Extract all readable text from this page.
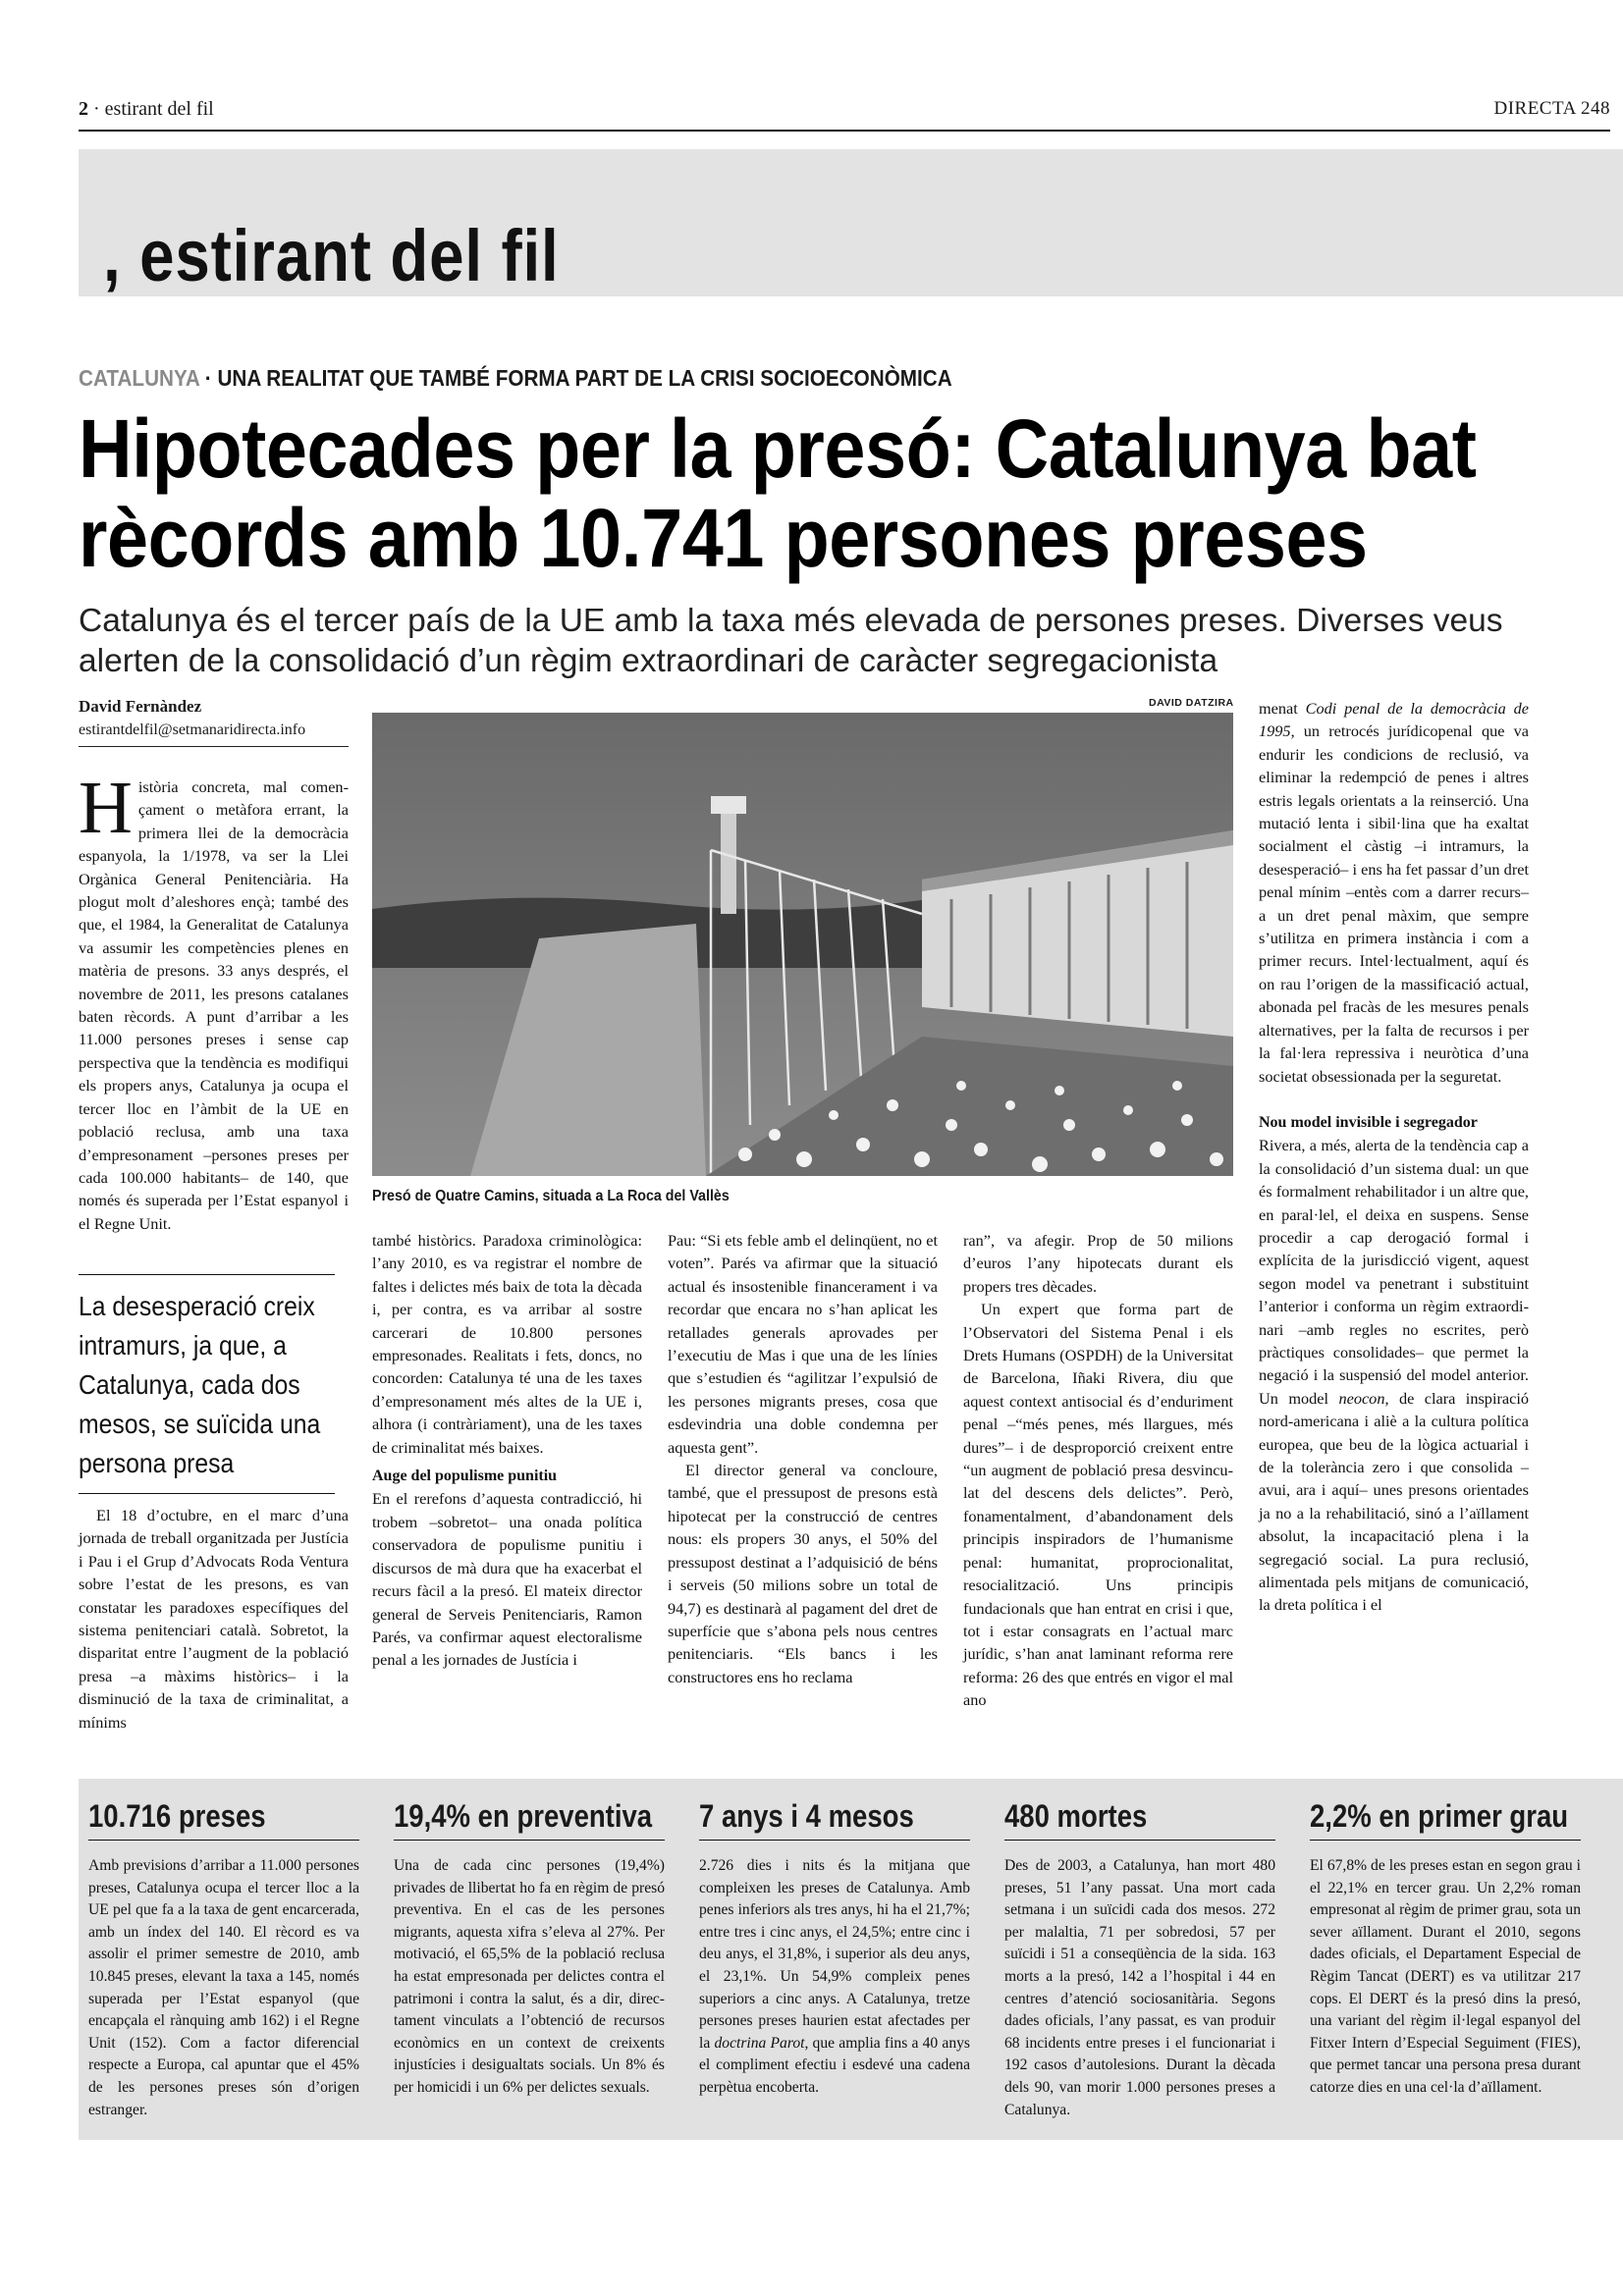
2 · estirant del fil	DIRECTA 248
, estirant del fil
CATALUNYA · UNA REALITAT QUE TAMBÉ FORMA PART DE LA CRISI SOCIOECONÒMICA
Hipotecades per la presó: Catalunya bat
rècords amb 10.741 persones preses
Catalunya és el tercer país de la UE amb la taxa més elevada de persones preses. Diverses veus alerten de la consolidació d’un règim extraordinari de caràcter segregacionista
David Fernàndez
estirantdelfil@setmanaridirecta.info
Història concreta, mal començament o metàfora errant, la primera llei de la democràcia espanyola, la 1/1978, va ser la Llei Orgànica General Penitenciària. Ha plogut molt d’aleshores ençà; també des que, el 1984, la Generalitat de Catalunya va assumir les competències plenes en matèria de presons. 33 anys després, el novembre de 2011, les presons catalanes baten rècords. A punt d’arribar a les 11.000 persones preses i sense cap perspectiva que la tendència es modifiqui els propers anys, Catalunya ja ocupa el tercer lloc en l’àmbit de la UE en població reclusa, amb una taxa d’empresonament –persones preses per cada 100.000 habitants– de 140, que només és superada per l’Estat espanyol i el Regne Unit.

La desesperació creix intramurs, ja que, a Catalunya, cada dos mesos, se suïcida una persona presa

El 18 d’octubre, en el marc d’una jornada de treball organitzada per Justícia i Pau i el Grup d’Advocats Roda Ventura sobre l’estat de les presons, es van constatar les paradoxes específiques del sistema penitenciari català. Sobretot, la disparitat entre l’augment de la població presa –a màxims històrics– i la disminució de la taxa de criminalitat, a mínims

DAVID DATZIRA
Presó de Quatre Camins, situada a La Roca del Vallès

també històrics. Paradoxa criminològica: l’any 2010, es va registrar el nombre de faltes i delictes més baix de tota la dècada i, per contra, es va arribar al sostre carcerari de 10.800 persones empresonades. Realitats i fets, doncs, no concorden: Catalunya té una de les taxes d’empresonament més altes de la UE i, alhora (i contràriament), una de les taxes de criminalitat més baixes.

Auge del populisme punitiu

En el rerefons d’aquesta contradicció, hi trobem –sobretot– una onada política conservadora de populisme punitiu i discursos de mà dura que ha exacerbat el recurs fàcil a la presó. El mateix director general de Serveis Penitenciaris, Ramon Parés, va confirmar aquest electoralisme penal a les jornades de Justícia i

Pau: “Si ets feble amb el delinqüent, no et voten”. Parés va afirmar que la situació actual és insostenible financerament i va recordar que encara no s’han aplicat les retallades generals aprovades per l’executiu de Mas i que una de les línies que s’estudien és “agilitzar l’expulsió de les persones migrants preses, cosa que esdevindria una doble condemna per aquesta gent”.

El director general va concloure, també, que el pressupost de presons està hipotecat per la construcció de centres nous: els propers 30 anys, el 50% del pressupost destinat a l’adquisició de béns i serveis (50 milions sobre un total de 94,7) es destinarà al pagament del dret de superfície que s’abona pels nous centres penitenciaris. “Els bancs i les constructores ens ho reclama

ran”, va afegir. Prop de 50 milions d’euros l’any hipotecats durant els propers tres dècades.

Un expert que forma part de l’Observatori del Sistema Penal i els Drets Humans (OSPDH) de la Universitat de Barcelona, Iñaki Rivera, diu que aquest context antisocial és d’enduriment penal –“més penes, més llargues, més dures”– i de desproporció creixent entre “un augment de població presa desvinculat del descens dels delictes”. Però, fonamentalment, d’abandonament dels principis inspiradors de l’humanisme penal: humanitat, proprocionalitat, resocialització. Uns principis fundacionals que han entrat en crisi i que, tot i estar consagrats en l’actual marc jurídic, s’han anat laminant reforma rere reforma: 26 des que entrés en vigor el mal ano

menat Codi penal de la democràcia de 1995, un retrocés jurídicopenal que va endurir les condicions de reclusió, va eliminar la redempció de penes i altres estris legals orientats a la reinserció. Una mutació lenta i sibil·lina que ha exaltat socialment el càstig –i intramurs, la desesperació– i ens ha fet passar d’un dret penal mínim –entès com a darrer recurs– a un dret penal màxim, que sempre s’utilitza en primera instància i com a primer recurs. Intel·lectualment, aquí és on rau l’origen de la massificació actual, abonada pel fracàs de les mesures penals alternatives, per la falta de recursos i per la fal·lera repressiva i neuròtica d’una societat obsessionada per la seguretat.

Nou model invisible i segregador

Rivera, a més, alerta de la tendència cap a la consolidació d’un sistema dual: un que és formalment rehabilitador i un altre que, en paral·lel, el deixa en suspens. Sense procedir a cap derogació formal i explícita de la jurisdicció vigent, aquest segon model va penetrant i substituint l’anterior i conforma un règim extraordinari –amb regles no escrites, però pràctiques consolidades– que permet la negació i la suspensió del model anterior. Un model neocon, de clara inspiració nord-americana i aliè a la cultura política europea, que beu de la lògica actuarial i de la tolerància zero i que consolida –avui, ara i aquí– unes presons orientades ja no a la rehabilitació, sinó a l’aïllament absolut, la incapacitació plena i la segregació social. La pura reclusió, alimentada pels mitjans de comunicació, la dreta política i el

10.716 preses

Amb previsions d’arribar a 11.000 persones preses, Catalunya ocupa el tercer lloc a la UE pel que fa a la taxa de gent encarcerada, amb un índex del 140. El rècord es va assolir el primer semestre de 2010, amb 10.845 preses, elevant la taxa a 145, només superada per l’Estat espanyol (que encapçala el rànquing amb 162) i el Regne Unit (152). Com a factor diferencial respecte a Europa, cal apuntar que el 45% de les persones preses són d’origen estranger.

19,4% en preventiva

Una de cada cinc persones (19,4%) privades de llibertat ho fa en règim de presó preventiva. En el cas de les persones migrants, aquesta xifra s’eleva al 27%. Per motivació, el 65,5% de la població reclusa ha estat empresonada per delictes contra el patrimoni i contra la salut, és a dir, directament vinculats a l’obtenció de recursos econòmics en un context de creixents injustícies i desigualtats socials. Un 8% és per homicidi i un 6% per delictes sexuals.

7 anys i 4 mesos

2.726 dies i nits és la mitjana que compleixen les preses de Catalunya. Amb penes inferiors als tres anys, hi ha el 21,7%; entre tres i cinc anys, el 24,5%; entre cinc i deu anys, el 31,8%, i superior als deu anys, el 23,1%. Un 54,9% compleix penes superiors a cinc anys. A Catalunya, tretze persones preses haurien estat afectades per la doctrina Parot, que amplia fins a 40 anys el compliment efectiu i esdevé una cadena perpètua encoberta.

480 mortes

Des de 2003, a Catalunya, han mort 480 preses, 51 l’any passat. Una mort cada setmana i un suïcidi cada dos mesos. 272 per malaltia, 71 per sobredosi, 57 per suïcidi i 51 a conseqüència de la sida. 163 morts a la presó, 142 a l’hospital i 44 en centres d’atenció sociosanitària. Segons dades oficials, l’any passat, es van produir 68 incidents entre preses i el funcionariat i 192 casos d’autolesions. Durant la dècada dels 90, van morir 1.000 persones preses a Catalunya.

2,2% en primer grau

El 67,8% de les preses estan en segon grau i el 22,1% en tercer grau. Un 2,2% roman empresonat al règim de primer grau, sota un sever aïllament. Durant el 2010, segons dades oficials, el Departament Especial de Règim Tancat (DERT) es va utilitzar 217 cops. El DERT és la presó dins la presó, una variant del règim il·legal espanyol del Fitxer Intern d’Especial Seguiment (FIES), que permet tancar una persona presa durant catorze dies en una cel·la d’aïllament.
